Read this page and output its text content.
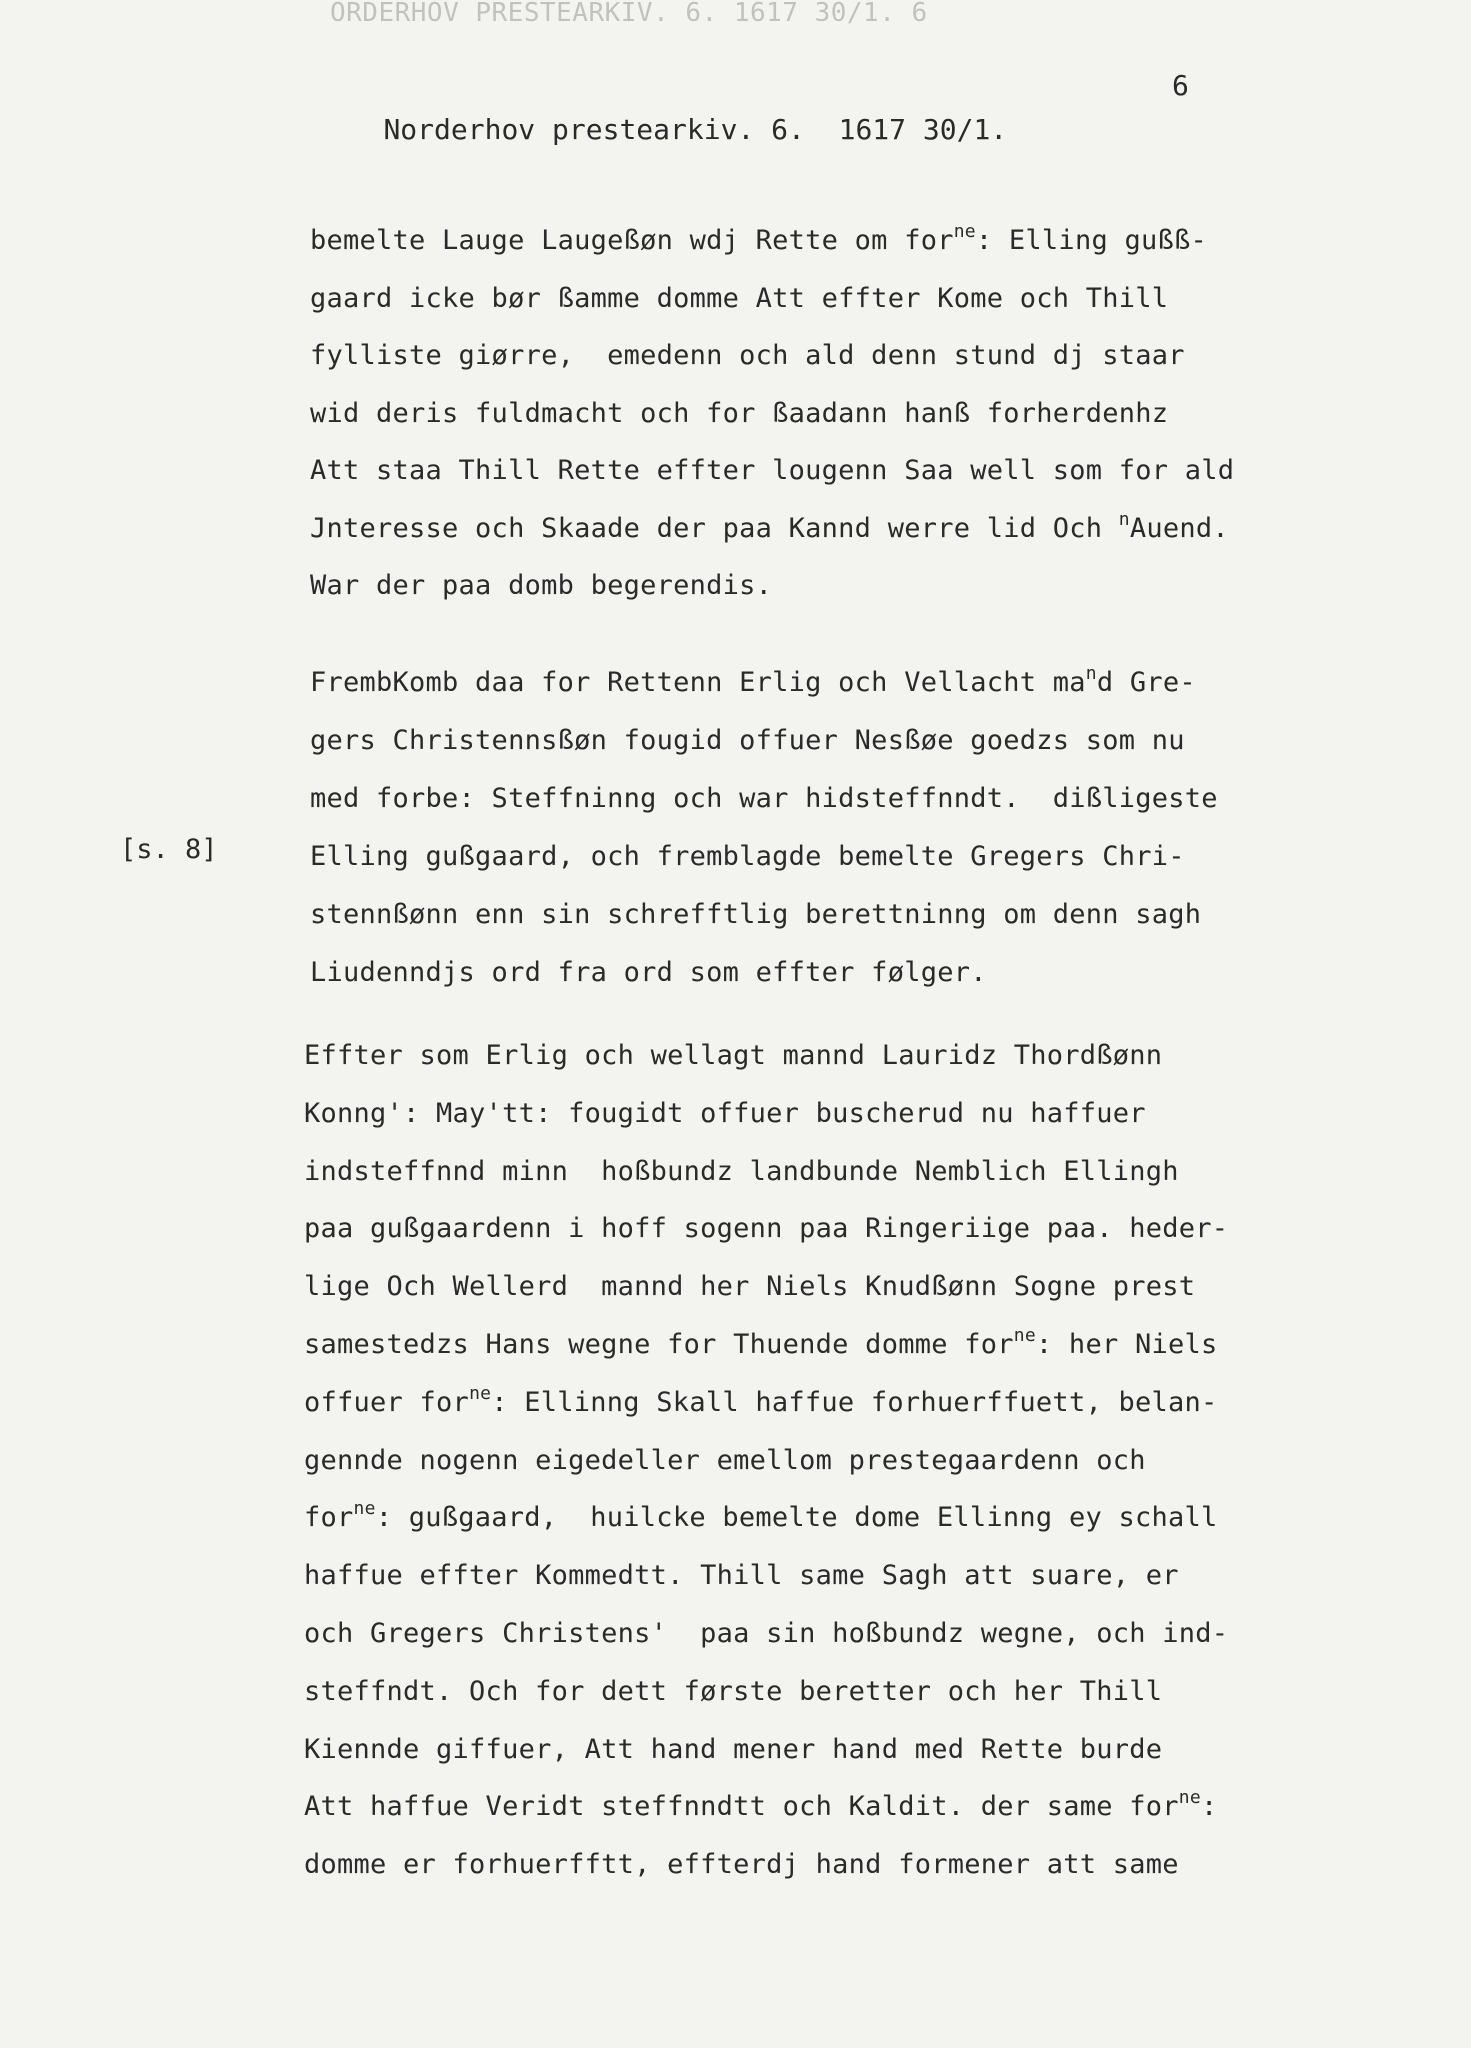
ORDERHOV PRESTEARKIV. 6. 1617 30/1. 6

Norderhov prestearkiv. 6.  1617 30/1.

6

[s. 8]
bemelte Lauge Laugeßøn wdj Rette om for$^{ne}$: Elling gußß-
gaard icke bør ßamme domme Att effter Kome och Thill
fylliste giørre,  emedenn och ald denn stund dj staar
wid deris fuldmacht och for ßaadann hanß forherdenhz
Att staa Thill Rette effter lougenn Saa well som for ald
Jnteresse och Skaade der paa Kannd werre lid Och $^n$Auend.
War der paa domb begerendis.
FrembKomb daa for Rettenn Erlig och Vellacht $ma^nd$ Gre-
gers Christennsßøn fougid offuer Nesßøe goedzs som nu
med forbe: Steffninng och war hidsteffnndt.  dißligeste
Elling gußgaard, och fremblagde bemelte Gregers Chri-
stennßønn enn sin schrefftlig berettninng om denn sagh
Liudenndjs ord fra ord som effter følger.
Effter som Erlig och wellagt mannd Lauridz Thordßønn
Konng': May'tt: fougidt offuer buscherud nu haffuer
indsteffnnd minn  hoßbundz landbunde Nemblich Ellingh
paa gußgaardenn i hoff sogenn paa Ringeriige paa. heder-
lige Och Wellerd  mannd her Niels Knudßønn Sogne prest
samestedzs Hans wegne for Thuende domme for$^{ne}$: her Niels
offuer for$^{ne}$: Ellinng Skall haffue forhuerffuett, belan-
gennde nogenn eigedeller emellom prestegaardenn och
for$^{ne}$: gußgaard,  huilcke bemelte dome Ellinng ey schall
haffue effter Kommedtt. Thill same Sagh att suare, er
och Gregers Christens'  paa sin hoßbundz wegne, och ind-
steffndt. Och for dett første beretter och her Thill
Kiennde giffuer, Att hand mener hand med Rette burde
Att haffue Veridt steffnndtt och Kaldit. der same for$^{ne}$:
domme er forhuerfftt, effterdj hand formener att same
